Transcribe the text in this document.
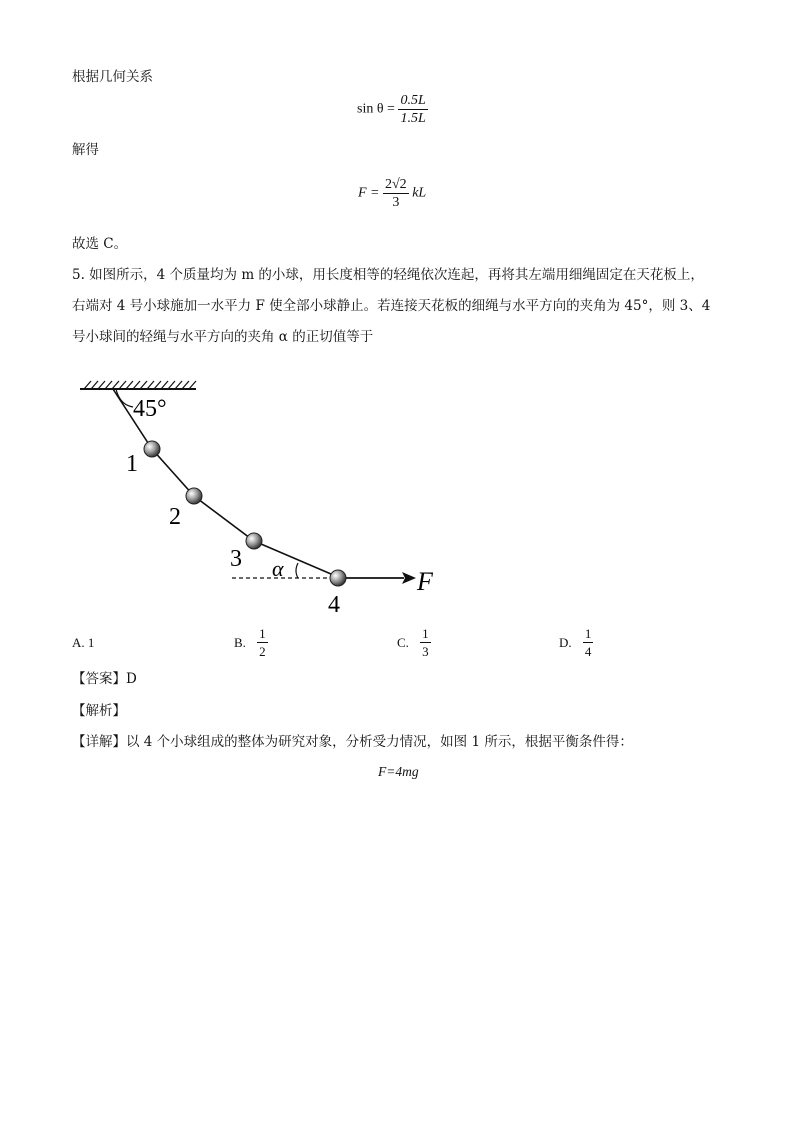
根据几何关系
$\sin \theta = \frac{0.5L}{1.5L}$
解得
$F = \frac{2√2}{3}$ kL
故选 C。
5. 如图所示，4 个质量均为 m 的小球，用长度相等的轻绳依次连起，再将其左端用细绳固定在天花板上，
右端对 4 号小球施加一水平力 F 使全部小球静止。若连接天花板的细绳与水平方向的夹角为 45°，则 3、4
号小球间的轻绳与水平方向的夹角 α 的正切值等于
45°
α	F
1
2
3
4
A. 1	B. $\frac{1}{2}$	C. $\frac{1}{3}$	D. $\frac{1}{4}$
【答案】D
【解析】
【详解】以 4 个小球组成的整体为研究对象，分析受力情况，如图 1 所示，根据平衡条件得：
F=4mg
